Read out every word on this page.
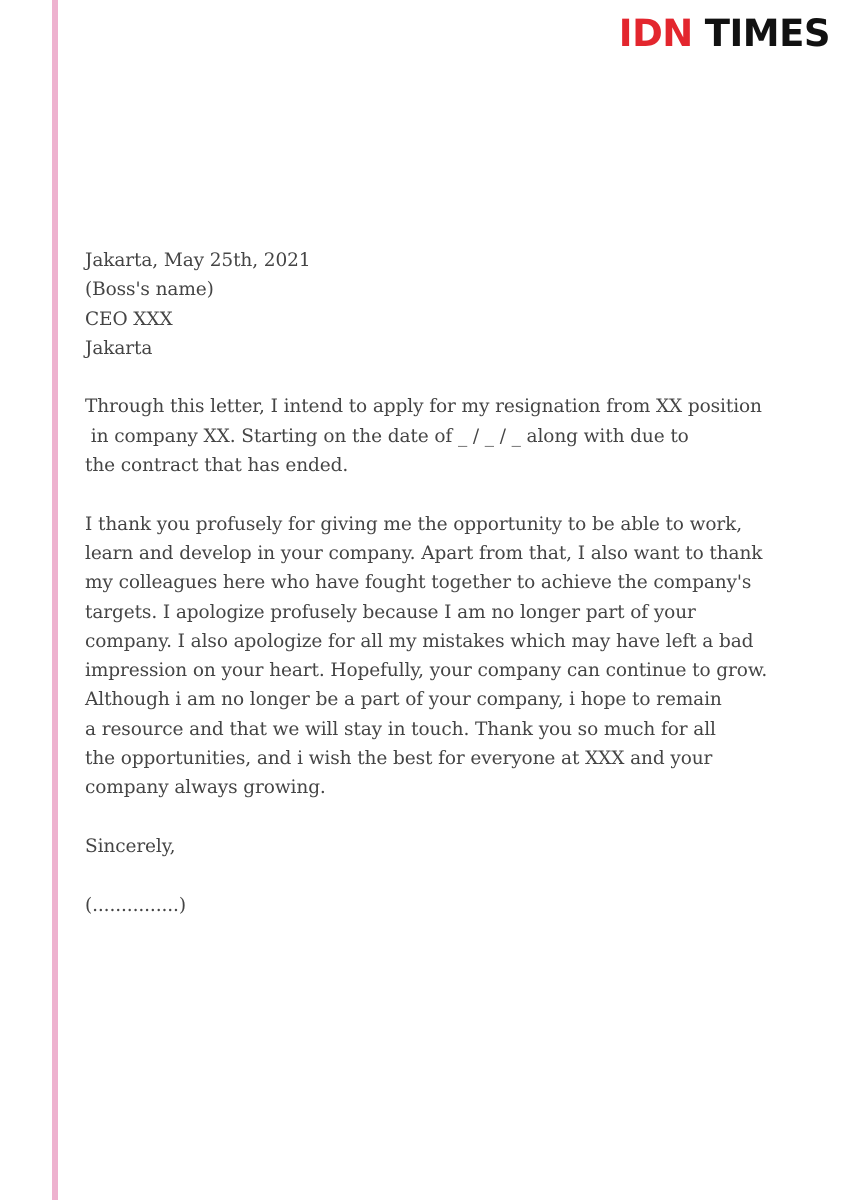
IDN TIMES
Jakarta, May 25th, 2021
(Boss's name)
CEO XXX
Jakarta
Through this letter, I intend to apply for my resignation from XX position
in company XX. Starting on the date of _ / _ / _ along with due to
the contract that has ended.
I thank you profusely for giving me the opportunity to be able to work,
learn and develop in your company. Apart from that, I also want to thank
my colleagues here who have fought together to achieve the company's
targets. I apologize profusely because I am no longer part of your
company. I also apologize for all my mistakes which may have left a bad
impression on your heart. Hopefully, your company can continue to grow.
Although i am no longer be a part of your company, i hope to remain
a resource and that we will stay in touch. Thank you so much for all
the opportunities, and i wish the best for everyone at XXX and your
company always growing.
Sincerely,
(...............)
